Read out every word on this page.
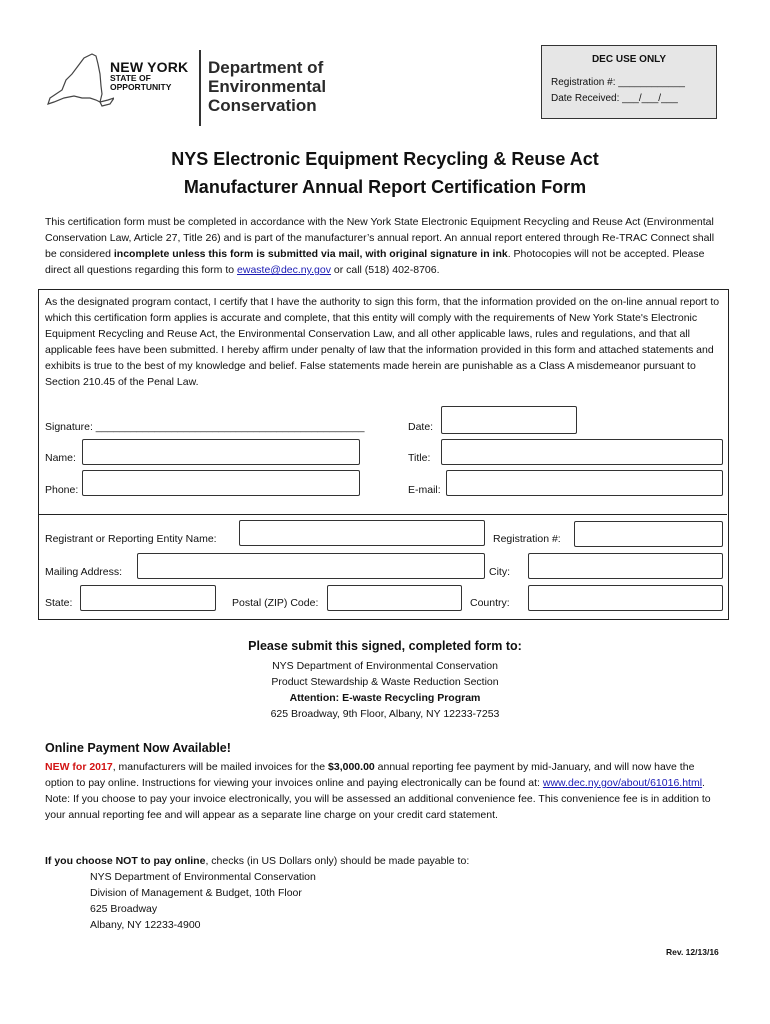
NEW YORK
STATE OF
OPPORTUNITY
Department of
Environmental
Conservation
DEC USE ONLY
Registration #: ____________
Date Received: ___/___/___
NYS Electronic Equipment Recycling & Reuse Act
Manufacturer Annual Report Certification Form
This certification form must be completed in accordance with the New York State Electronic Equipment Recycling and Reuse Act (Environmental Conservation Law, Article 27, Title 26) and is part of the manufacturer’s annual report. An annual report entered through Re-TRAC Connect shall be considered incomplete unless this form is submitted via mail, with original signature in ink. Photocopies will not be accepted. Please direct all questions regarding this form to ewaste@dec.ny.gov or call (518) 402-8706.
As the designated program contact, I certify that I have the authority to sign this form, that the information provided on the on-line annual report to which this certification form applies is accurate and complete, that this entity will comply with the requirements of New York State's Electronic Equipment Recycling and Reuse Act, the Environmental Conservation Law, and all other applicable laws, rules and regulations, and that all applicable fees have been submitted. I hereby affirm under penalty of law that the information provided in this form and attached statements and exhibits is true to the best of my knowledge and belief. False statements made herein are punishable as a Class A misdemeanor pursuant to Section 210.45 of the Penal Law.
Signature: ______________________________________________	Date:
Name:	Title:
Phone:	E-mail:
Registrant or Reporting Entity Name:	Registration #:
Mailing Address:	City:
State:	Postal (ZIP) Code:	Country:
Please submit this signed, completed form to:
NYS Department of Environmental Conservation
Product Stewardship & Waste Reduction Section
Attention: E-waste Recycling Program
625 Broadway, 9th Floor, Albany, NY 12233-7253
Online Payment Now Available!
NEW for 2017, manufacturers will be mailed invoices for the $3,000.00 annual reporting fee payment by mid-January, and will now have the option to pay online. Instructions for viewing your invoices online and paying electronically can be found at: www.dec.ny.gov/about/61016.html. Note: If you choose to pay your invoice electronically, you will be assessed an additional convenience fee. This convenience fee is in addition to your annual reporting fee and will appear as a separate line charge on your credit card statement.
If you choose NOT to pay online, checks (in US Dollars only) should be made payable to:
NYS Department of Environmental Conservation
Division of Management & Budget, 10th Floor
625 Broadway
Albany, NY 12233-4900
Rev. 12/13/16
